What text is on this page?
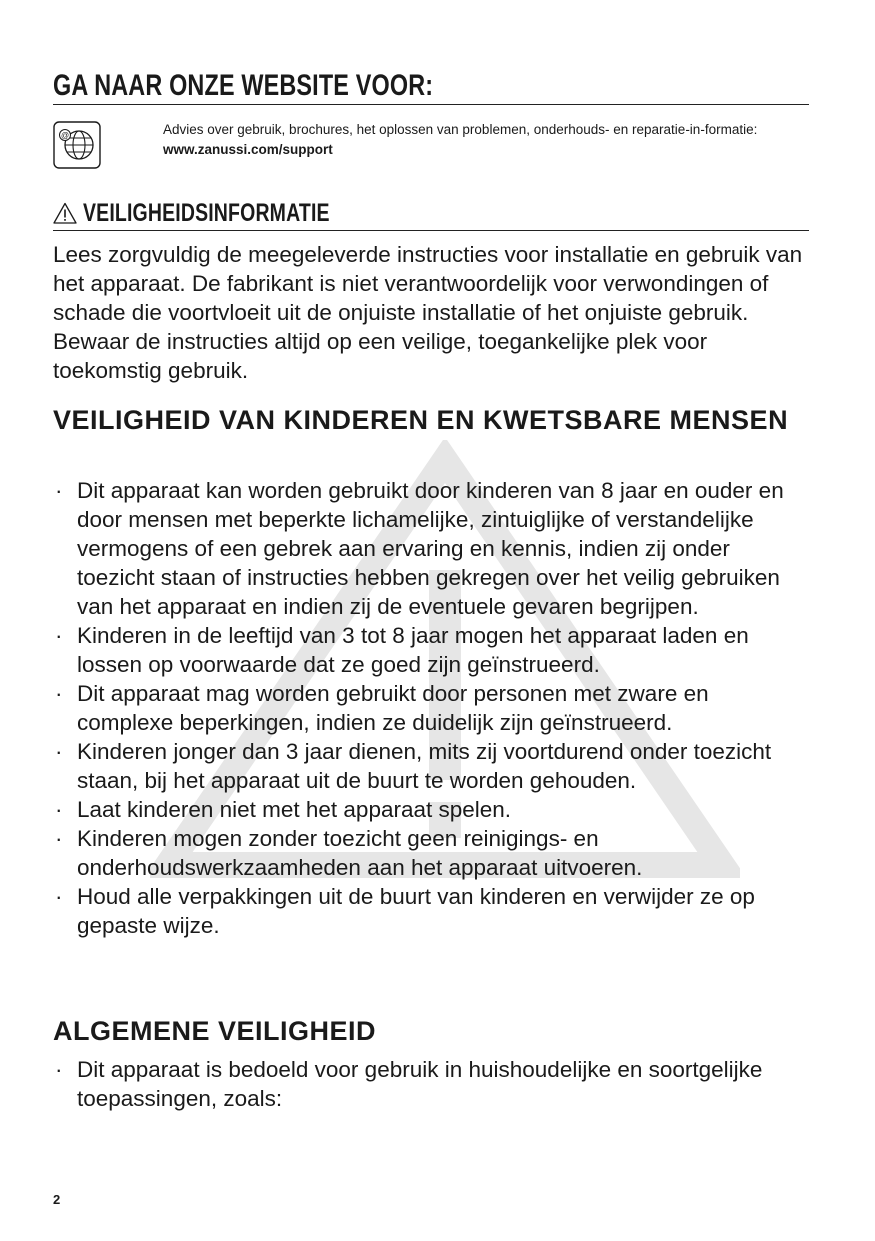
GA NAAR ONZE WEBSITE VOOR:
@	Advies over gebruik, brochures, het oplossen van problemen, onderhouds- en reparatie-in-formatie:
www.zanussi.com/support
VEILIGHEIDSINFORMATIE

Lees zorgvuldig de meegeleverde instructies voor installatie en gebruik van het apparaat. De fabrikant is niet verantwoordelijk voor verwondingen of schade die voortvloeit uit de onjuiste installatie of het onjuiste gebruik. Bewaar de instructies altijd op een veilige, toegankelijke plek voor toekomstig gebruik.

VEILIGHEID VAN KINDEREN EN KWETSBARE MENSEN
· Dit apparaat kan worden gebruikt door kinderen van 8 jaar en ouder en door mensen met beperkte lichamelijke, zintuiglijke of verstandelijke vermogens of een gebrek aan ervaring en kennis, indien zij onder toezicht staan of instructies hebben gekregen over het veilig gebruiken van het apparaat en indien zij de eventuele gevaren begrijpen.
· Kinderen in de leeftijd van 3 tot 8 jaar mogen het apparaat laden en lossen op voorwaarde dat ze goed zijn geïnstrueerd.
· Dit apparaat mag worden gebruikt door personen met zware en complexe beperkingen, indien ze duidelijk zijn geïnstrueerd.
· Kinderen jonger dan 3 jaar dienen, mits zij voortdurend onder toezicht staan, bij het apparaat uit de buurt te worden gehouden.
· Laat kinderen niet met het apparaat spelen.
· Kinderen mogen zonder toezicht geen reinigings- en onderhoudswerkzaamheden aan het apparaat uitvoeren.
· Houd alle verpakkingen uit de buurt van kinderen en verwijder ze op gepaste wijze.
ALGEMENE VEILIGHEID
· Dit apparaat is bedoeld voor gebruik in huishoudelijke en soortgelijke toepassingen, zoals:
2
